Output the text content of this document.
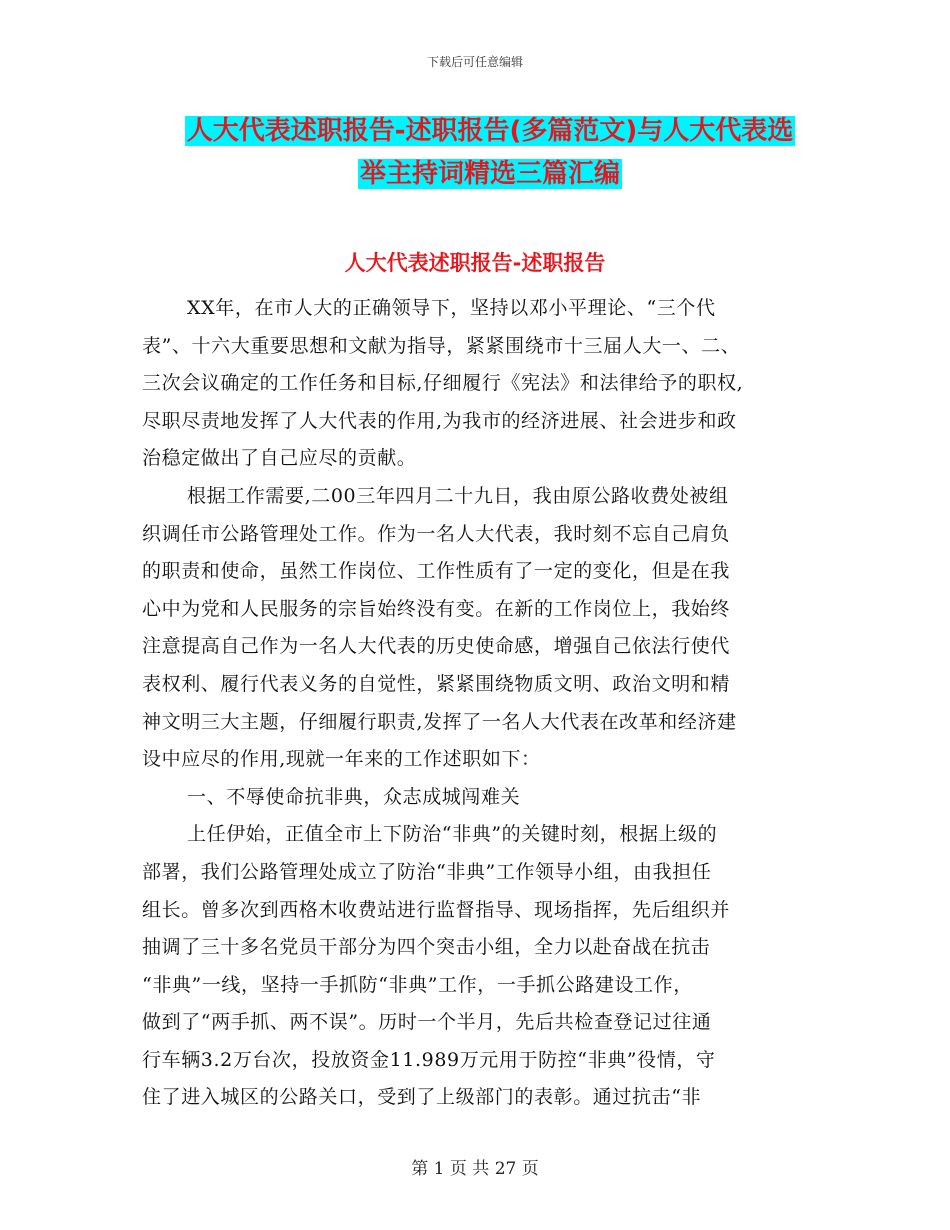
下载后可任意编辑
人大代表述职报告-述职报告(多篇范文)与人大代表选
举主持词精选三篇汇编
人大代表述职报告-述职报告
XX年，在市人大的正确领导下，坚持以邓小平理论、“三个代
表”、十六大重要思想和文献为指导，紧紧围绕市十三届人大一、二、
三次会议确定的工作任务和目标,仔细履行《宪法》和法律给予的职权,
尽职尽责地发挥了人大代表的作用,为我市的经济进展、社会进步和政
治稳定做出了自己应尽的贡献。
根据工作需要,二00三年四月二十九日，我由原公路收费处被组
织调任市公路管理处工作。作为一名人大代表，我时刻不忘自己肩负
的职责和使命，虽然工作岗位、工作性质有了一定的变化，但是在我
心中为党和人民服务的宗旨始终没有变。在新的工作岗位上，我始终
注意提高自己作为一名人大代表的历史使命感，增强自己依法行使代
表权利、履行代表义务的自觉性，紧紧围绕物质文明、政治文明和精
神文明三大主题，仔细履行职责,发挥了一名人大代表在改革和经济建
设中应尽的作用,现就一年来的工作述职如下：
一、不辱使命抗非典，众志成城闯难关
上任伊始，正值全市上下防治“非典”的关键时刻，根据上级的
部署，我们公路管理处成立了防治“非典”工作领导小组，由我担任
组长。曾多次到西格木收费站进行监督指导、现场指挥，先后组织并
抽调了三十多名党员干部分为四个突击小组，全力以赴奋战在抗击
“非典”一线，坚持一手抓防“非典”工作，一手抓公路建设工作，
做到了“两手抓、两不误”。历时一个半月，先后共检查登记过往通
行车辆3.2万台次，投放资金11.989万元用于防控“非典”役情，守
住了进入城区的公路关口，受到了上级部门的表彰。通过抗击“非
第 1 页 共 27 页
